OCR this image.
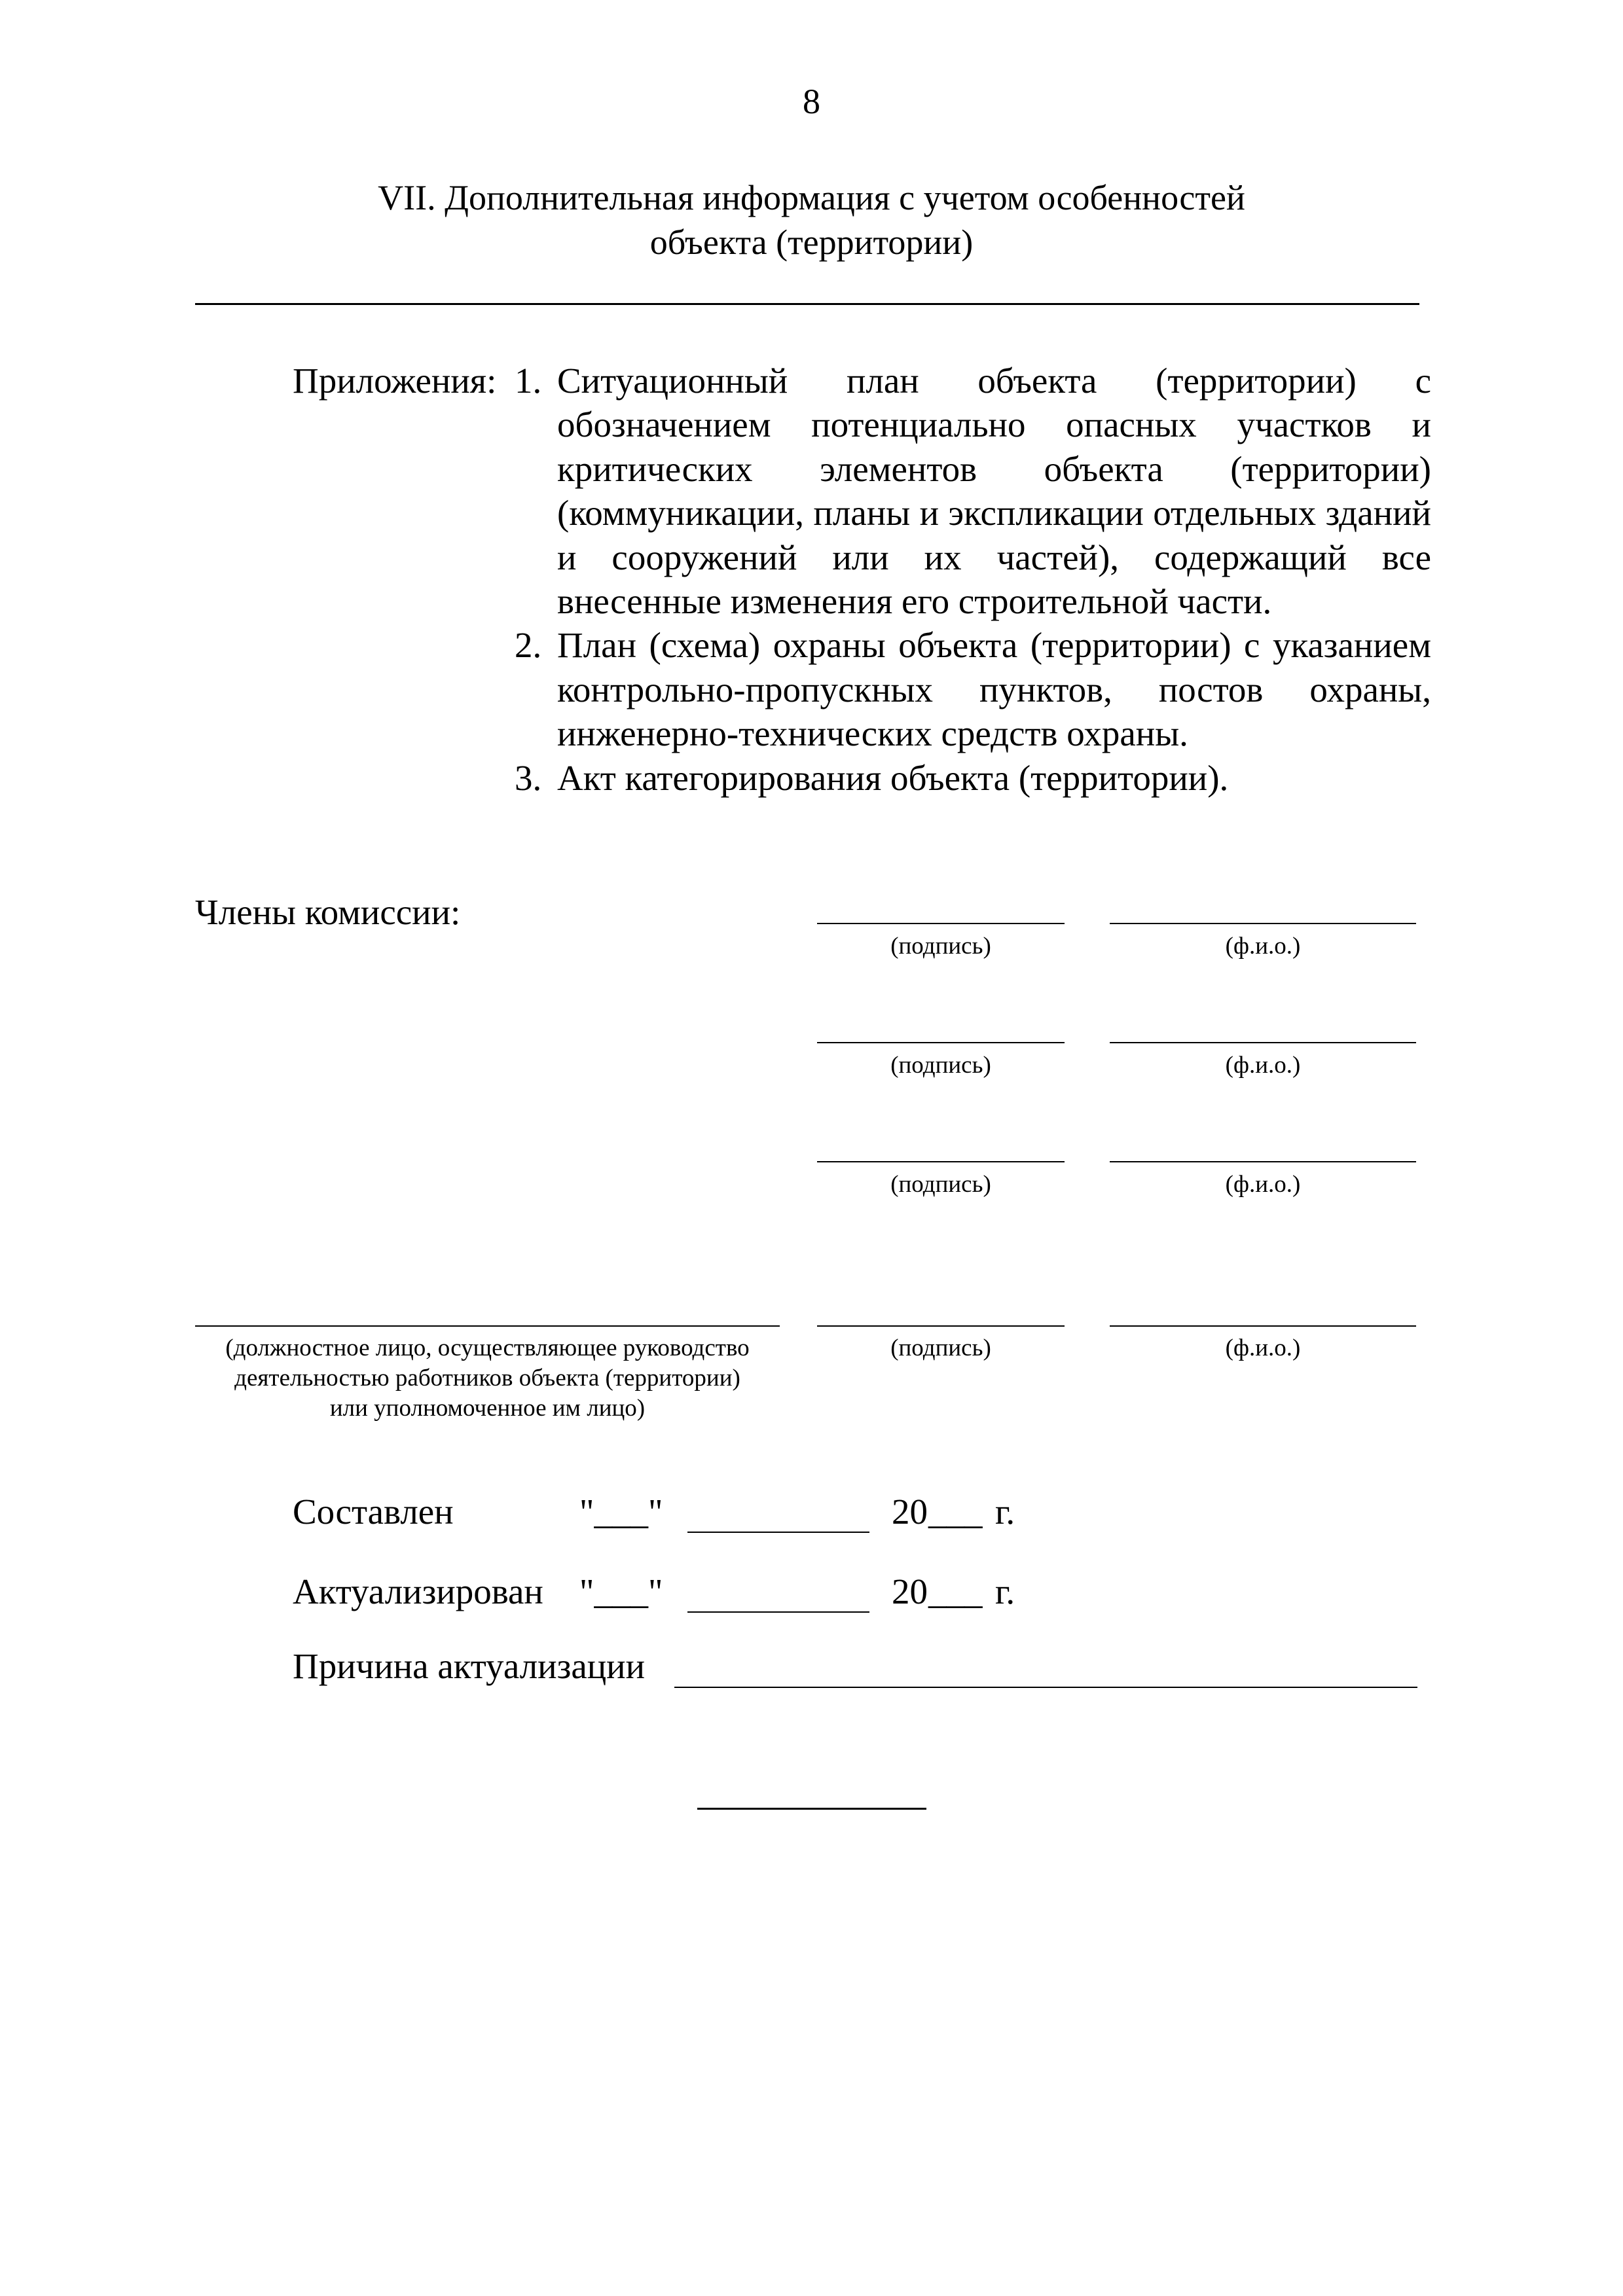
8
VII. Дополнительная информация с учетом особенностей
объекта (территории)
Приложения: 1. Ситуационный план объекта (территории) с обозначением потенциально опасных участков и критических элементов объекта (территории) (коммуникации, планы и экспликации отдельных зданий и сооружений или их частей), содержащий все внесенные изменения его строительной части.
2. План (схема) охраны объекта (территории) с указанием контрольно-пропускных пунктов, постов охраны, инженерно-технических средств охраны.
3. Акт категорирования объекта (территории).
Члены комиссии:
(подпись)	(ф.и.о.)
(подпись)	(ф.и.о.)
(подпись)	(ф.и.о.)
(должностное лицо, осуществляющее руководство
деятельностью работников объекта (территории)
или уполномоченное им лицо)
(подпись)	(ф.и.о.)
Составлен	"___"	20 ___ г.
Актуализирован "___"	20 ___ г.
Причина актуализации
